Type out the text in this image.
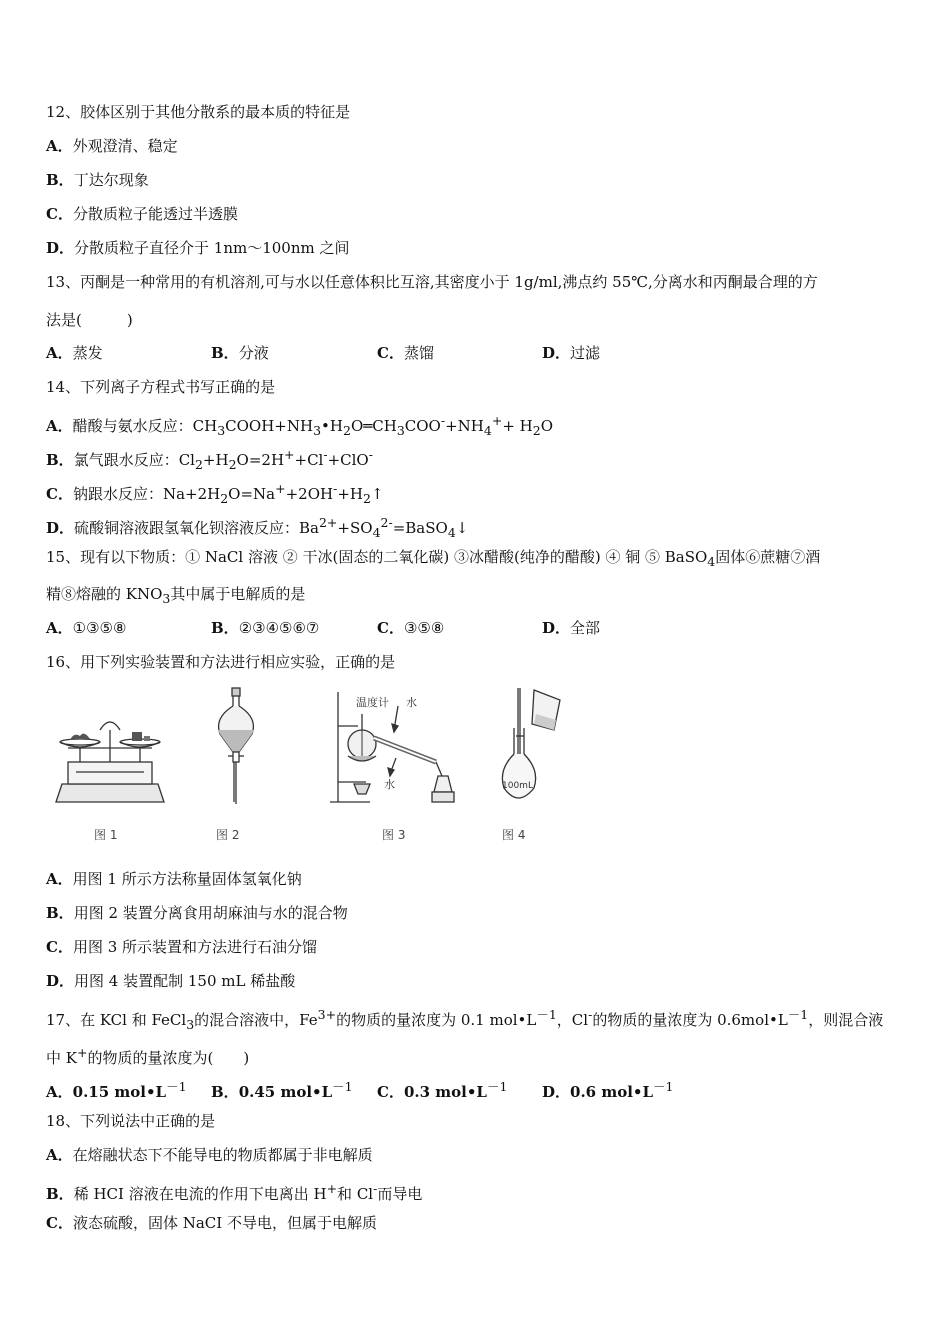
12、胶体区别于其他分散系的最本质的特征是
A．外观澄清、稳定
B．丁达尔现象
C．分散质粒子能透过半透膜
D．分散质粒子直径介于 1nm～100nm 之间
13、丙酮是一种常用的有机溶剂,可与水以任意体积比互溶,其密度小于 1g/ml,沸点约 55℃,分离水和丙酮最合理的方
法是(　　　)
A．蒸发	B．分液	C．蒸馏	D．过滤
14、下列离子方程式书写正确的是
A．醋酸与氨水反应：$CH_3COOH+NH_3•H_2O═CH_3COO^-+NH_4^++ H_2O$
B．氯气跟水反应：$Cl_2+H_2O=2H^++Cl^-+ClO^-$
C．钠跟水反应：$Na+2H_2O=Na^++2OH^-+H_2↑$
D．硫酸铜溶液跟氢氧化钡溶液反应：$Ba^{2+}+SO_4^{2-}=BaSO_4↓$
15、现有以下物质：① NaCl 溶液 ② 干冰(固态的二氧化碳) ③冰醋酸(纯净的醋酸) ④ 铜 ⑤ BaSO$_4$固体⑥蔗糖⑦酒
精⑧熔融的 $KNO_3$其中属于电解质的是
A．①③⑤⑧	B．②③④⑤⑥⑦	C．③⑤⑧	D．全部
16、用下列实验装置和方法进行相应实验，正确的是
图 1	图 2
温度计 水
水
图 3
100mL
图 4
A．用图 1 所示方法称量固体氢氧化钠
B．用图 2 装置分离食用胡麻油与水的混合物
C．用图 3 所示装置和方法进行石油分馏
D．用图 4 装置配制 150 mL 稀盐酸
17、在 KCl 和 FeCl$_3$的混合溶液中，$Fe^{3+}$的物质的量浓度为 0.1 $mol•L^{-1}$，Cl-的物质的量浓度为 $0.6mol•L^{-1}$，则混合液
中 K+的物质的量浓度为(　　)
A．0.15 $mol•L^{-1}$ B．0.45 $mol•L^{-1}$ C．0.3 $mol•L^{-1}$ D．0.6 $mol•L^{-1}$
18、下列说法中正确的是
A．在熔融状态下不能导电的物质都属于非电解质
B．稀 HCI 溶液在电流的作用下电离出 H+和 Cl-而导电
C．液态硫酸，固体 NaCI 不导电，但属于电解质
